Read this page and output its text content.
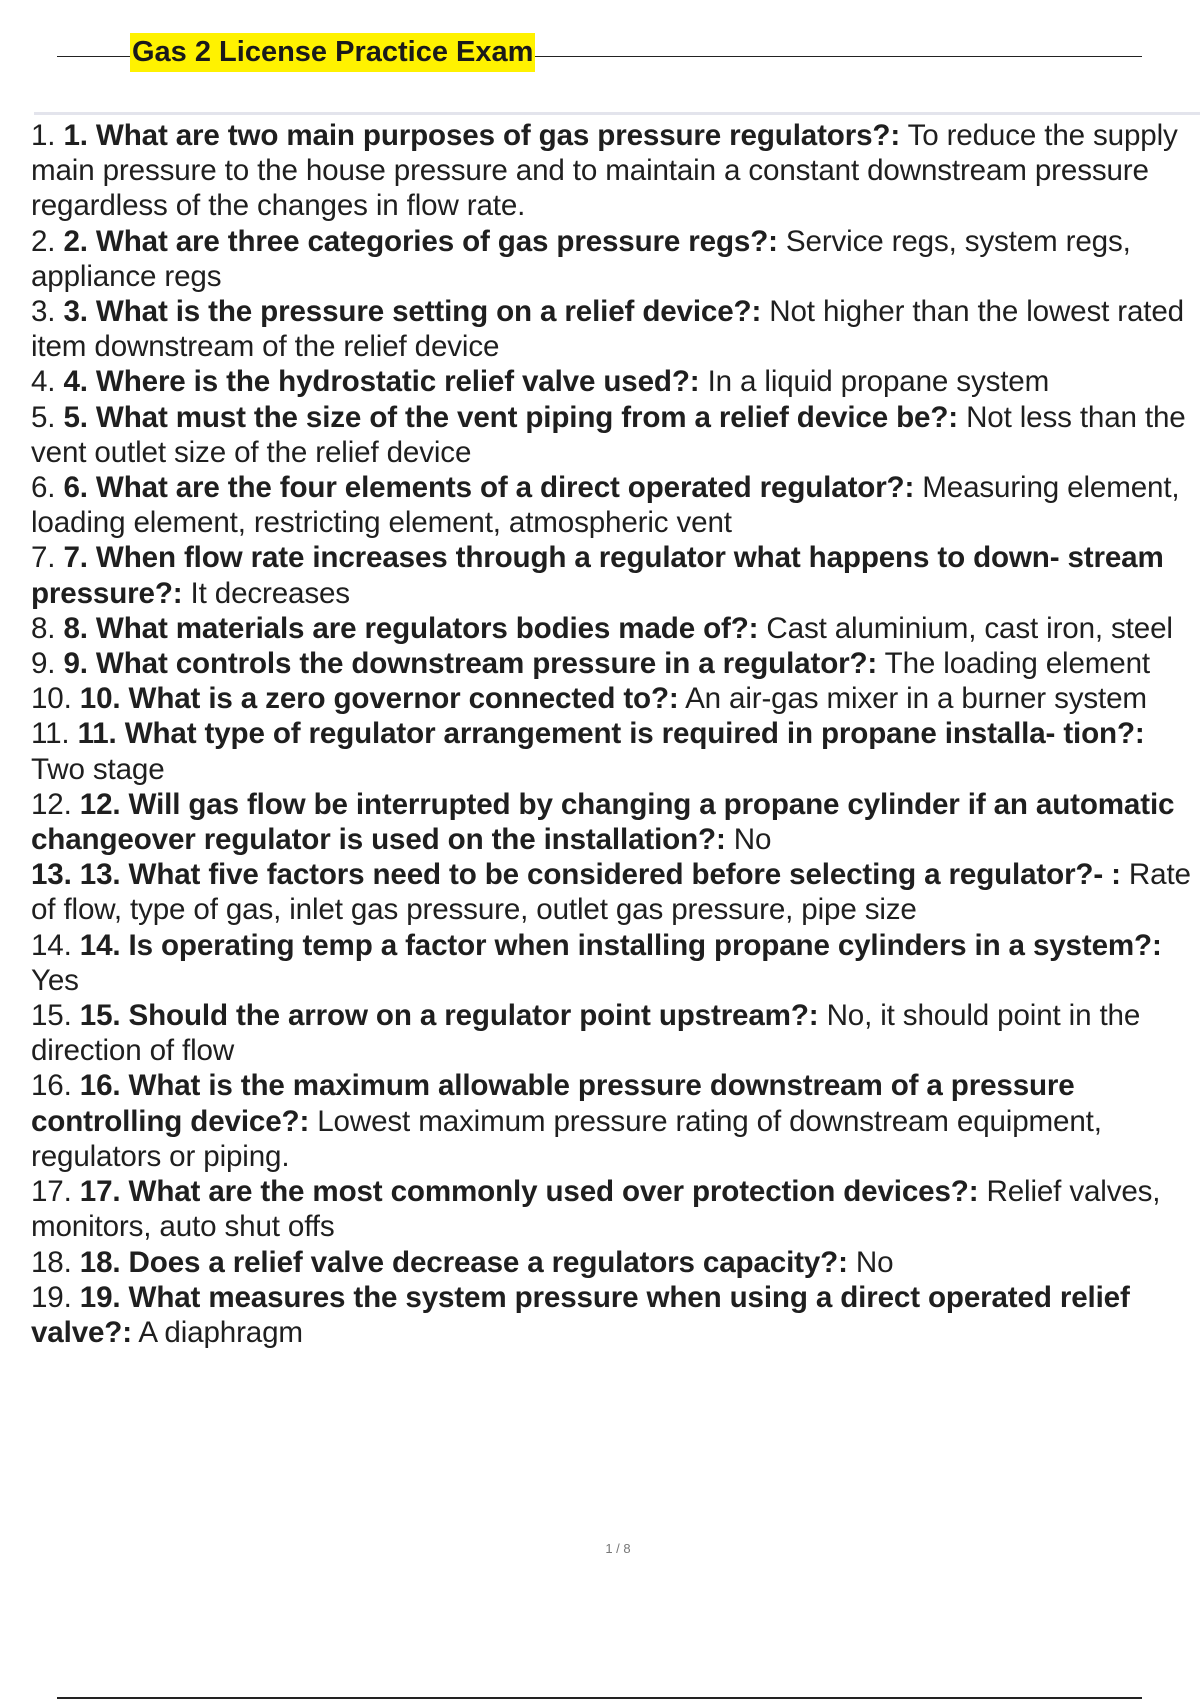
Gas 2 License Practice Exam
1. 1. What are two main purposes of gas pressure regulators?: To reduce the supply main pressure to the house pressure and to maintain a constant downstream pressure regardless of the changes in flow rate.
2. 2. What are three categories of gas pressure regs?: Service regs, system regs, appliance regs
3. 3. What is the pressure setting on a relief device?: Not higher than the lowest rated item downstream of the relief device
4. 4. Where is the hydrostatic relief valve used?: In a liquid propane system
5. 5. What must the size of the vent piping from a relief device be?: Not less than the vent outlet size of the relief device
6. 6. What are the four elements of a direct operated regulator?: Measuring element, loading element, restricting element, atmospheric vent
7. 7. When flow rate increases through a regulator what happens to down- stream pressure?: It decreases
8. 8. What materials are regulators bodies made of?: Cast aluminium, cast iron, steel
9. 9. What controls the downstream pressure in a regulator?: The loading element
10. 10. What is a zero governor connected to?: An air-gas mixer in a burner system
11. 11. What type of regulator arrangement is required in propane installa- tion?: Two stage
12. 12. Will gas flow be interrupted by changing a propane cylinder if an automatic changeover regulator is used on the installation?: No
13. 13. What five factors need to be considered before selecting a regulator?- : Rate of flow, type of gas, inlet gas pressure, outlet gas pressure, pipe size
14. 14. Is operating temp a factor when installing propane cylinders in a system?: Yes
15. 15. Should the arrow on a regulator point upstream?: No, it should point in the direction of flow
16. 16. What is the maximum allowable pressure downstream of a pressure controlling device?: Lowest maximum pressure rating of downstream equipment, regulators or piping.
17. 17. What are the most commonly used over protection devices?: Relief valves, monitors, auto shut offs
18. 18. Does a relief valve decrease a regulators capacity?: No
19. 19. What measures the system pressure when using a direct operated relief valve?: A diaphragm
1 / 8
